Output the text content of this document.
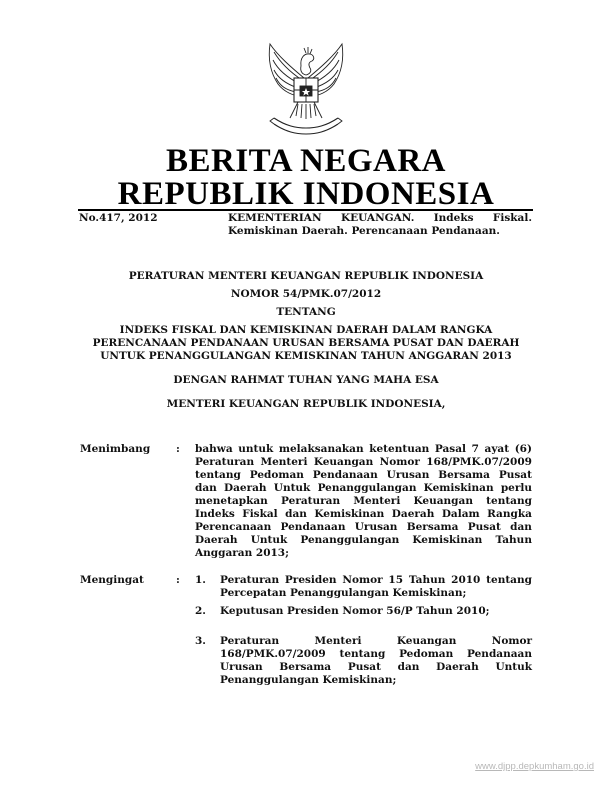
BERITA NEGARA
REPUBLIK INDONESIA
No.417, 2012	KEMENTERIAN KEUANGAN. Indeks Fiskal.
Kemiskinan Daerah. Perencanaan Pendanaan.
PERATURAN MENTERI KEUANGAN REPUBLIK INDONESIA
NOMOR 54/PMK.07/2012
TENTANG
INDEKS FISKAL DAN KEMISKINAN DAERAH DALAM RANGKA
PERENCANAAN PENDANAAN URUSAN BERSAMA PUSAT DAN DAERAH
UNTUK PENANGGULANGAN KEMISKINAN TAHUN ANGGARAN 2013
DENGAN RAHMAT TUHAN YANG MAHA ESA
MENTERI KEUANGAN REPUBLIK INDONESIA,
Menimbang : bahwa untuk melaksanakan ketentuan Pasal 7 ayat (6)
Peraturan Menteri Keuangan Nomor 168/PMK.07/2009
tentang Pedoman Pendanaan Urusan Bersama Pusat
dan Daerah Untuk Penanggulangan Kemiskinan perlu
menetapkan Peraturan Menteri Keuangan tentang
Indeks Fiskal dan Kemiskinan Daerah Dalam Rangka
Perencanaan Pendanaan Urusan Bersama Pusat dan
Daerah Untuk Penanggulangan Kemiskinan Tahun
Anggaran 2013;
Mengingat	: 1. Peraturan Presiden Nomor 15 Tahun 2010 tentang
Percepatan Penanggulangan Kemiskinan;
2. Keputusan Presiden Nomor 56/P Tahun 2010;
3. Peraturan	Menteri	Keuangan	Nomor
168/PMK.07/2009 tentang Pedoman Pendanaan
Urusan Bersama Pusat dan Daerah Untuk
Penanggulangan Kemiskinan;
www.djpp.depkumham.go.id
